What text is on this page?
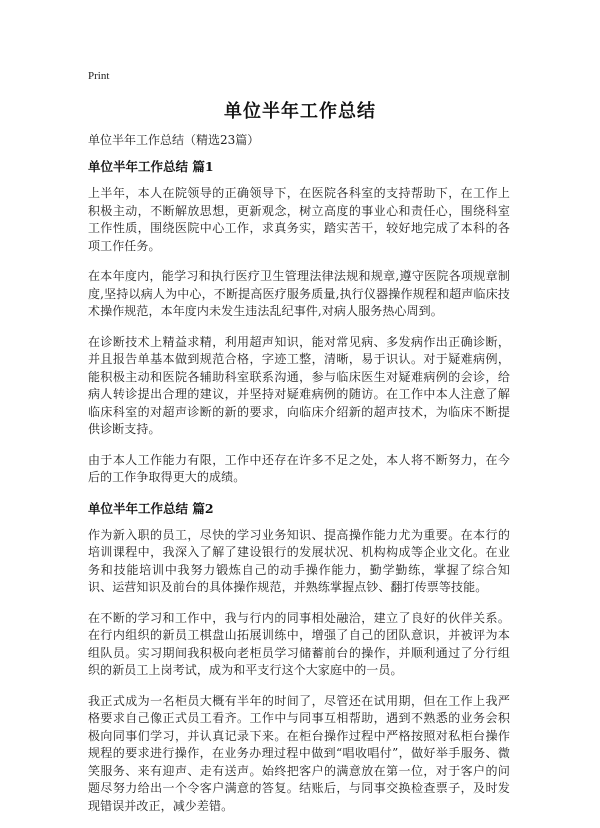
Print
单位半年工作总结
单位半年工作总结（精选23篇）
单位半年工作总结 篇1

上半年，本人在院领导的正确领导下，在医院各科室的支持帮助下，在工作上积极主动，不断解放思想，更新观念，树立高度的事业心和责任心，围绕科室工作性质，围绕医院中心工作，求真务实，踏实苦干，较好地完成了本科的各项工作任务。

在本年度内，能学习和执行医疗卫生管理法律法规和规章,遵守医院各项规章制度,坚持以病人为中心，不断提高医疗服务质量,执行仪器操作规程和超声临床技术操作规范，本年度内未发生违法乱纪事件,对病人服务热心周到。

在诊断技术上精益求精，利用超声知识，能对常见病、多发病作出正确诊断，并且报告单基本做到规范合格，字迹工整，清晰，易于识认。对于疑难病例，能积极主动和医院各辅助科室联系沟通，参与临床医生对疑难病例的会诊，给病人转诊提出合理的建议，并坚持对疑难病例的随访。在工作中本人注意了解临床科室的对超声诊断的新的要求，向临床介绍新的超声技术，为临床不断提供诊断支持。

由于本人工作能力有限，工作中还存在许多不足之处，本人将不断努力，在今后的工作争取得更大的成绩。

单位半年工作总结 篇2

作为新入职的员工，尽快的学习业务知识、提高操作能力尤为重要。在本行的培训课程中，我深入了解了建设银行的发展状况、机构构成等企业文化。在业务和技能培训中我努力锻炼自己的动手操作能力，勤学勤练，掌握了综合知识、运营知识及前台的具体操作规范，并熟练掌握点钞、翻打传票等技能。

在不断的学习和工作中，我与行内的同事相处融洽，建立了良好的伙伴关系。在行内组织的新员工棋盘山拓展训练中，增强了自己的团队意识，并被评为本组队员。实习期间我积极向老柜员学习储蓄前台的操作，并顺利通过了分行组织的新员工上岗考试，成为和平支行这个大家庭中的一员。

我正式成为一名柜员大概有半年的时间了，尽管还在试用期，但在工作上我严格要求自己像正式员工看齐。工作中与同事互相帮助，遇到不熟悉的业务会积极向同事们学习，并认真记录下来。在柜台操作过程中严格按照对私柜台操作规程的要求进行操作，在业务办理过程中做到“唱收唱付”，做好举手服务、微笑服务、来有迎声、走有送声。始终把客户的满意放在第一位，对于客户的问题尽努力给出一个令客户满意的答复。结账后，与同事交换检查票子，及时发现错误并改正，减少差错。
